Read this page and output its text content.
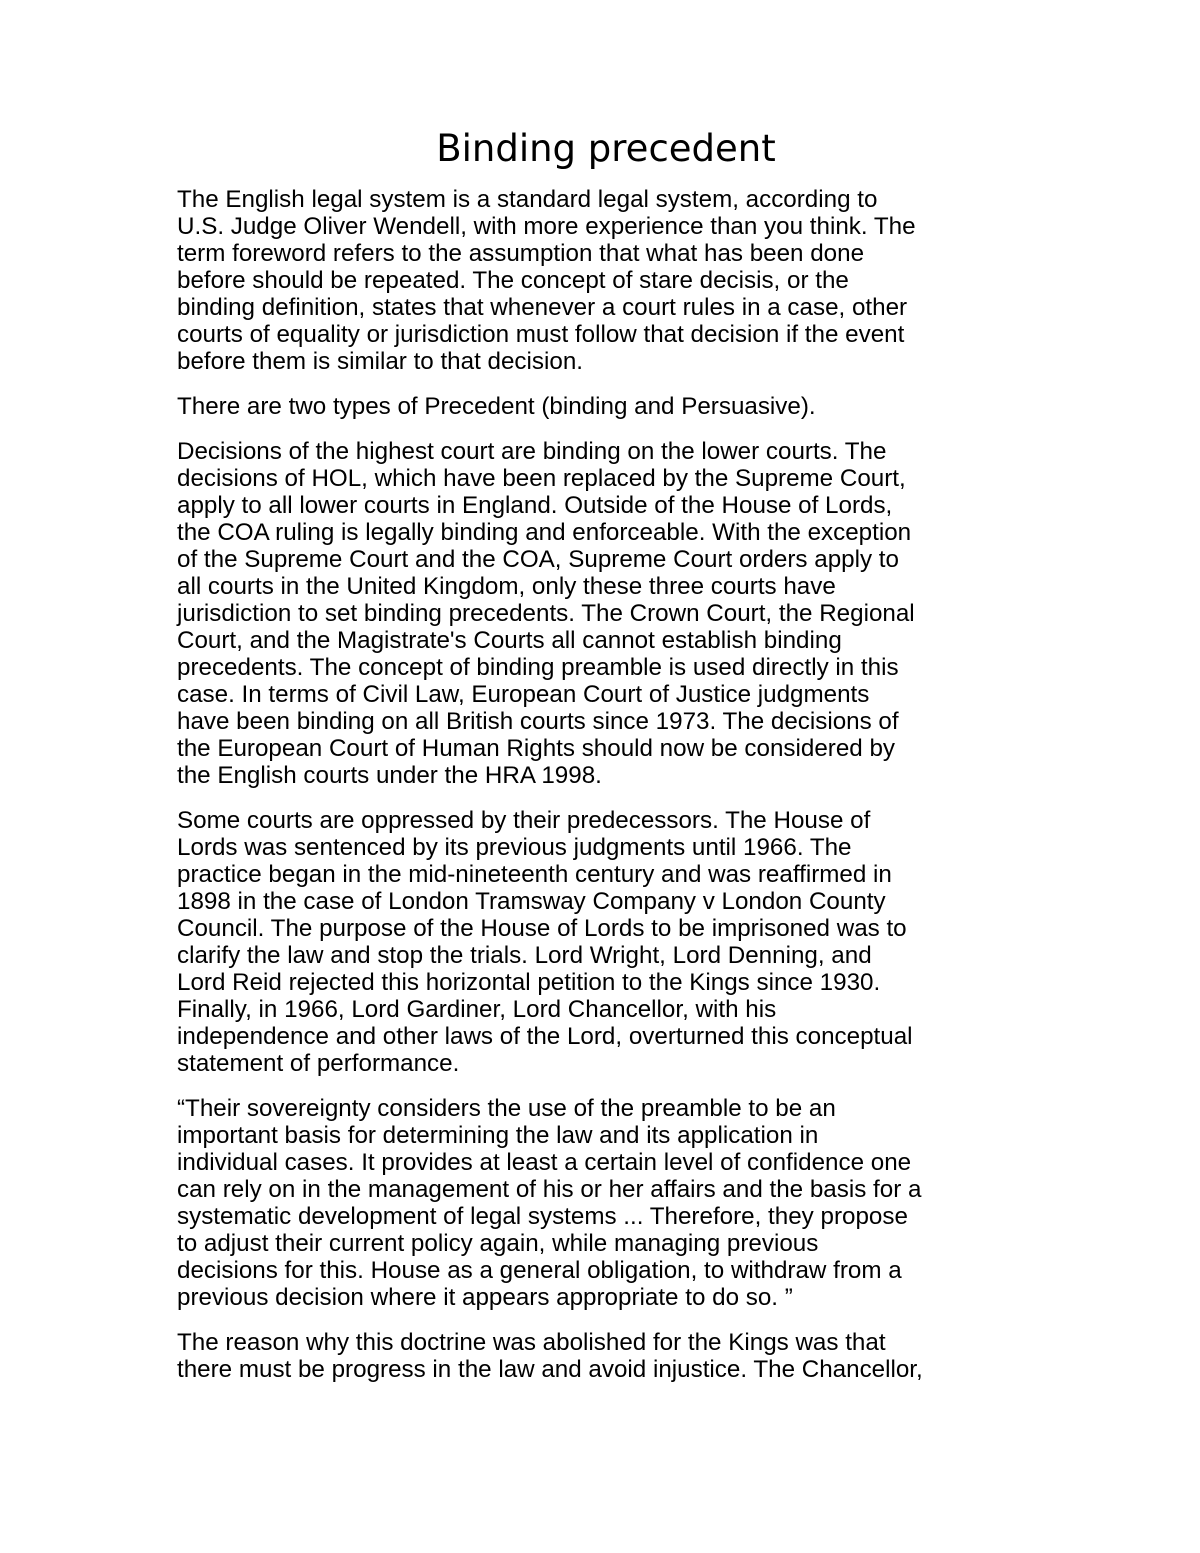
Binding precedent

The English legal system is a standard legal system, according to
U.S. Judge Oliver Wendell, with more experience than you think. The
term foreword refers to the assumption that what has been done
before should be repeated. The concept of stare decisis, or the
binding definition, states that whenever a court rules in a case, other
courts of equality or jurisdiction must follow that decision if the event
before them is similar to that decision.

There are two types of Precedent (binding and Persuasive).

Decisions of the highest court are binding on the lower courts. The
decisions of HOL, which have been replaced by the Supreme Court,
apply to all lower courts in England. Outside of the House of Lords,
the COA ruling is legally binding and enforceable. With the exception
of the Supreme Court and the COA, Supreme Court orders apply to
all courts in the United Kingdom, only these three courts have
jurisdiction to set binding precedents. The Crown Court, the Regional
Court, and the Magistrate's Courts all cannot establish binding
precedents. The concept of binding preamble is used directly in this
case. In terms of Civil Law, European Court of Justice judgments
have been binding on all British courts since 1973. The decisions of
the European Court of Human Rights should now be considered by
the English courts under the HRA 1998.

Some courts are oppressed by their predecessors. The House of
Lords was sentenced by its previous judgments until 1966. The
practice began in the mid-nineteenth century and was reaffirmed in
1898 in the case of London Tramsway Company v London County
Council. The purpose of the House of Lords to be imprisoned was to
clarify the law and stop the trials. Lord Wright, Lord Denning, and
Lord Reid rejected this horizontal petition to the Kings since 1930.
Finally, in 1966, Lord Gardiner, Lord Chancellor, with his
independence and other laws of the Lord, overturned this conceptual
statement of performance.

“Their sovereignty considers the use of the preamble to be an
important basis for determining the law and its application in
individual cases. It provides at least a certain level of confidence one
can rely on in the management of his or her affairs and the basis for a
systematic development of legal systems ... Therefore, they propose
to adjust their current policy again, while managing previous
decisions for this. House as a general obligation, to withdraw from a
previous decision where it appears appropriate to do so. ”

The reason why this doctrine was abolished for the Kings was that
there must be progress in the law and avoid injustice. The Chancellor,
